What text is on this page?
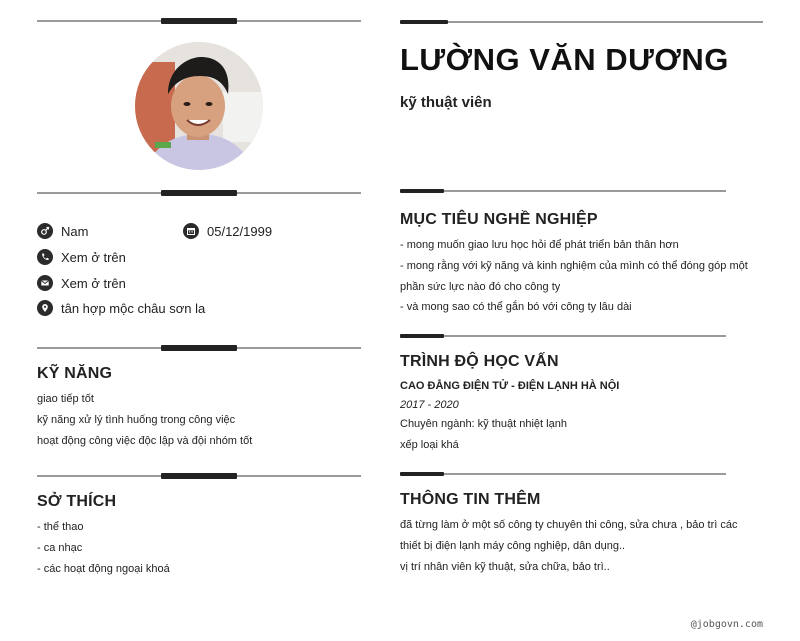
Nam	05/12/1999
Xem ở trên
Xem ở trên
tân hợp mộc châu sơn la
KỸ NĂNG
giao tiếp tốt
kỹ năng xử lý tình huống trong công việc
hoạt động công việc độc lập và đội nhóm tốt
SỞ THÍCH
- thể thao
- ca nhạc
- các hoạt động ngoại khoá
LƯỜNG VĂN DƯƠNG
kỹ thuật viên
MỤC TIÊU NGHỀ NGHIỆP
- mong muốn giao lưu học hỏi để phát triển bản thân hơn
- mong rằng với kỹ năng và kinh nghiệm của mình có thể đóng góp một
phần sức lực nào đó cho công ty
- và mong sao có thể gắn bó với công ty lâu dài
TRÌNH ĐỘ HỌC VẤN
CAO ĐẲNG ĐIỆN TỬ - ĐIỆN LẠNH HÀ NỘI
2017 - 2020
Chuyên ngành: kỹ thuật nhiệt lạnh
xếp loại khá
THÔNG TIN THÊM
đã từng làm ở một số công ty chuyên thi công, sửa chưa , bảo trì các
thiết bị điện lạnh máy công nghiệp, dân dụng..
vị trí nhân viên kỹ thuật, sửa chữa, bảo trì..
@jobgovn.com
